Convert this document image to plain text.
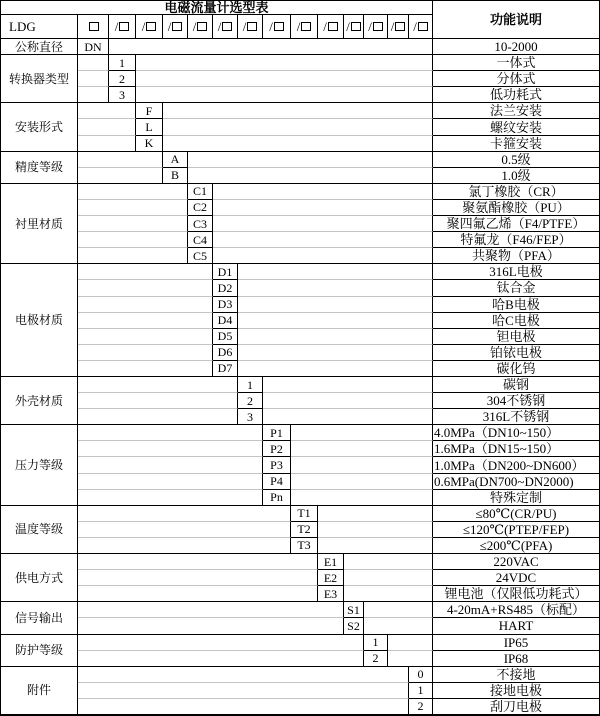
电磁流量计选型表
功能说明
LDG	/	/	/	/	/	/	/	/	/	/	/	/	/
公称直径	DN	10-2000
转换器类型
1	一体式
2	分体式
3	低功耗式
安装形式
F	法兰安装
L	螺纹安装
K	卡箍安装
精度等级
A	0.5级
B	1.0级
衬里材质
C1	氯丁橡胶（CR）
C2	聚氨酯橡胶（PU）
C3	聚四氟乙烯（F4/PTFE）
C4	特氟龙（F46/FEP）
C5	共聚物（PFA）
电极材质
D1	316L电极
D2	钛合金
D3	哈B电极
D4	哈C电极
D5	钽电极
D6	铂铱电极
D7	碳化钨
外壳材质
1	碳钢
2	304不锈钢
3	316L不锈钢
压力等级
P1	4.0MPa（DN10~150）
P2	1.6MPa（DN15~150）
P3	1.0MPa（DN200~DN600）
P4	0.6MPa(DN700~DN2000)
Pn	特殊定制
温度等级
T1	≤80℃(CR/PU)
T2	≤120℃(PTEP/FEP)
T3	≤200℃(PFA)
供电方式
E1	220VAC
E2	24VDC
E3	锂电池（仅限低功耗式）
信号输出
S1	4-20mA+RS485（标配）
S2	HART
防护等级
1	IP65
2	IP68
附件
0	不接地
1	接地电极
2	刮刀电极
